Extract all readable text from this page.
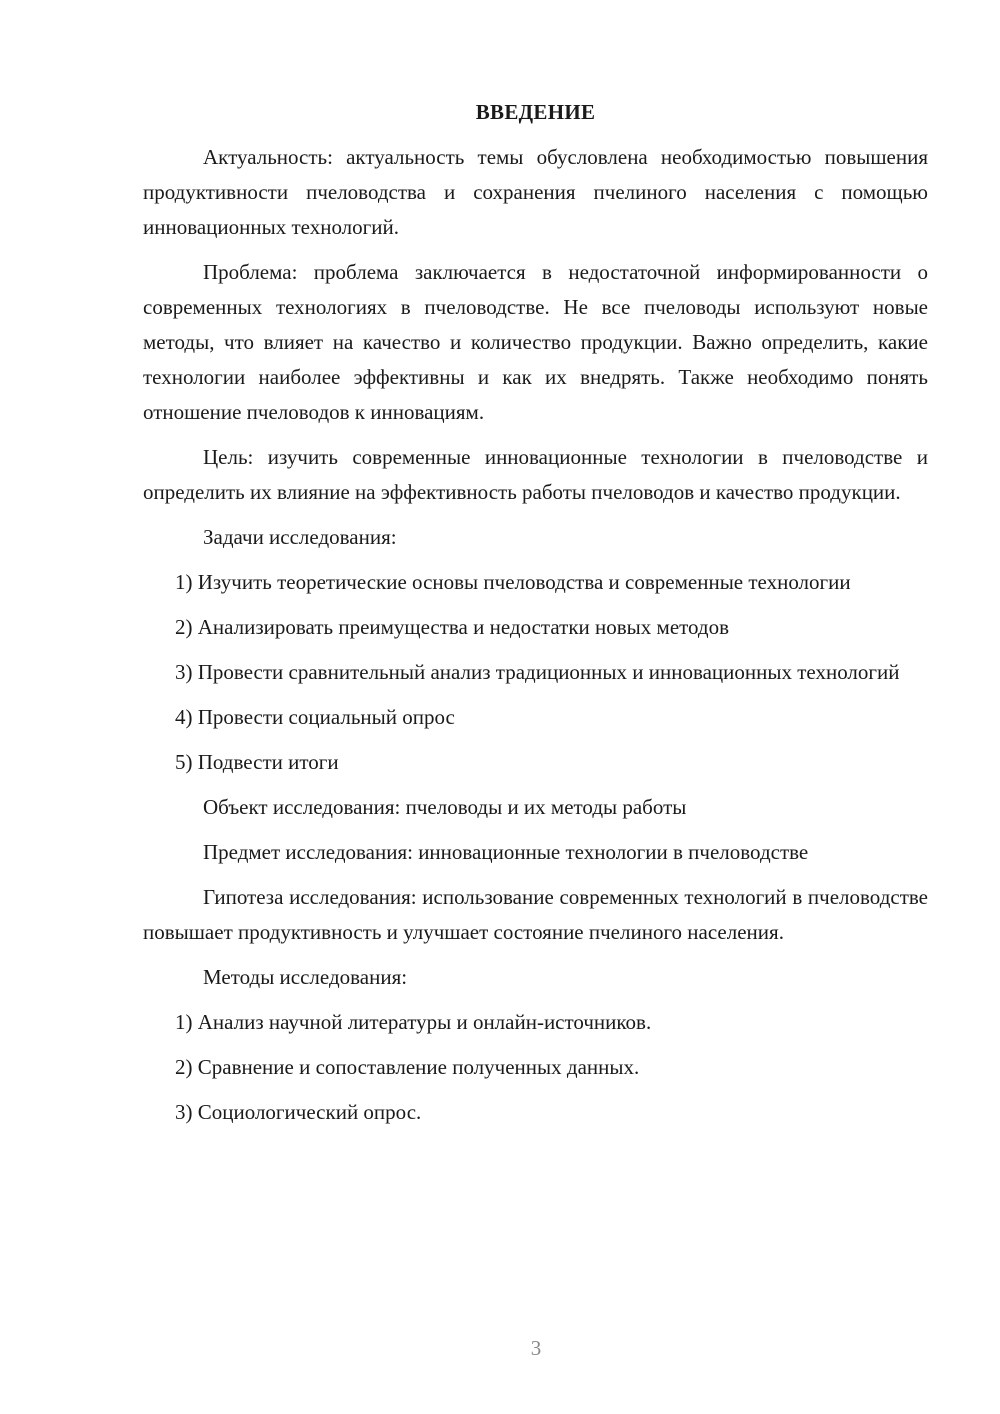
ВВЕДЕНИЕ

Актуальность: актуальность темы обусловлена необходимостью повышения продуктивности пчеловодства и сохранения пчелиного населения с помощью инновационных технологий.

Проблема: проблема заключается в недостаточной информированности о современных технологиях в пчеловодстве. Не все пчеловоды используют новые методы, что влияет на качество и количество продукции. Важно определить, какие технологии наиболее эффективны и как их внедрять. Также необходимо понять отношение пчеловодов к инновациям.

Цель: изучить современные инновационные технологии в пчеловодстве и определить их влияние на эффективность работы пчеловодов и качество продукции.

Задачи исследования:

1) Изучить теоретические основы пчеловодства и современные технологии

2) Анализировать преимущества и недостатки новых методов

3) Провести сравнительный анализ традиционных и инновационных технологий

4) Провести социальный опрос

5) Подвести итоги

Объект исследования: пчеловоды и их методы работы

Предмет исследования: инновационные технологии в пчеловодстве

Гипотеза исследования: использование современных технологий в пчеловодстве повышает продуктивность и улучшает состояние пчелиного населения.

Методы исследования:

1) Анализ научной литературы и онлайн-источников.

2) Сравнение и сопоставление полученных данных.

3) Социологический опрос.

3
